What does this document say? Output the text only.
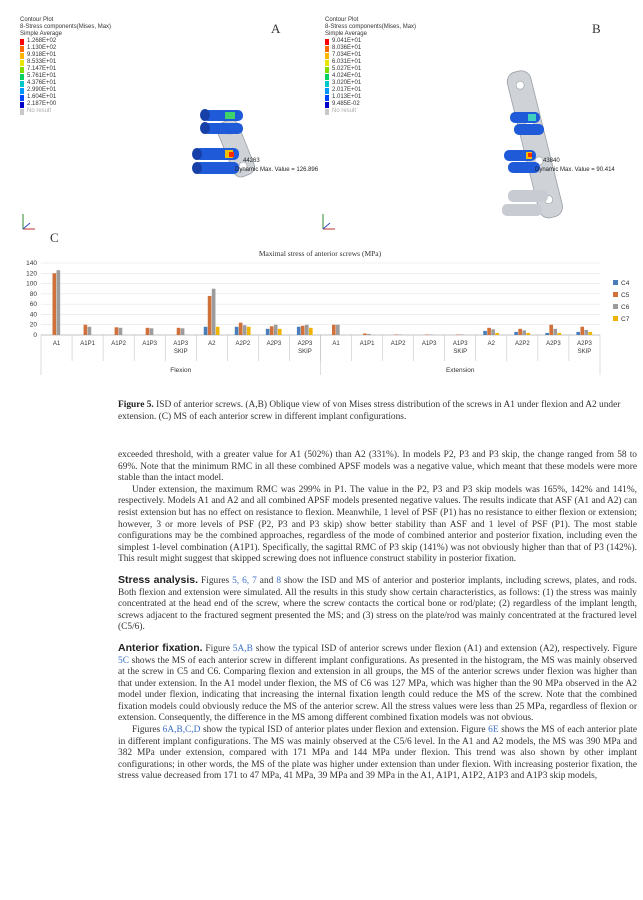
Contour Plot
8-Stress components(Mises, Max)
Simple Average
1.268E+02
1.130E+02
9.918E+01
8.533E+01
7.147E+01
5.761E+01
4.376E+01
2.990E+01
1.604E+01
2.187E+00
No result
A
44263
Dynamic Max. Value = 126.896
Contour Plot
8-Stress components(Mises, Max)
Simple Average
9.041E+01
8.036E+01
7.034E+01
6.031E+01
5.027E+01
4.024E+01
3.020E+01
2.017E+01
1.013E+01
9.485E-02
No result
B
43840
Dynamic Max. Value = 90.414
C
Maximal stress of anterior screws (MPa)
0
20
40
60
80
100
120
140
A1	A1P1	A1P2	A1P3	A1P3
SKIP
A2	A2P2	A2P3	A2P3
SKIP
A1	A1P1	A1P2	A1P3	A1P3
SKIP
A2	A2P2	A2P3	A2P3
SKIP
Flexion	Extension
C4
C5
C6
C7
Figure 5. ISD of anterior screws. (A,B) Oblique view of von Mises stress distribution of the screws in A1 under flexion and A2 under extension. (C) MS of each anterior screw in different implant configurations.

exceeded threshold, with a greater value for A1 (502%) than A2 (331%). In models P2, P3 and P3 skip, the change ranged from 58 to 69%. Note that the minimum RMC in all these combined APSF models was a negative value, which meant that these models were more stable than the intact model.

Under extension, the maximum RMC was 299% in P1. The value in the P2, P3 and P3 skip models was 165%, 142% and 141%, respectively. Models A1 and A2 and all combined APSF models presented negative values. The results indicate that ASF (A1 and A2) can resist extension but has no effect on resistance to flexion. Meanwhile, 1 level of PSF (P1) has no resistance to either flexion or extension; however, 3 or more levels of PSF (P2, P3 and P3 skip) show better stability than ASF and 1 level of PSF (P1). The most stable configurations may be the combined approaches, regardless of the mode of combined anterior and posterior fixation, including even the simplest 1-level combination (A1P1). Specifically, the sagittal RMC of P3 skip (141%) was not obviously higher than that of P3 (142%). This result might suggest that skipped screwing does not influence construct stability in posterior fixation.

Stress analysis. Figures 5, 6, 7 and 8 show the ISD and MS of anterior and posterior implants, including screws, plates, and rods. Both flexion and extension were simulated. All the results in this study show certain characteristics, as follows: (1) the stress was mainly concentrated at the head end of the screw, where the screw contacts the cortical bone or rod/plate; (2) regardless of the implant length, screws adjacent to the fractured segment presented the MS; and (3) stress on the plate/rod was mainly concentrated at the fractured level (C5/6).

Anterior fixation. Figure 5A,B show the typical ISD of anterior screws under flexion (A1) and extension (A2), respectively. Figure 5C shows the MS of each anterior screw in different implant configurations. As presented in the histogram, the MS was mainly observed at the screw in C5 and C6. Comparing flexion and extension in all groups, the MS of the anterior screws under flexion was higher than that under extension. In the A1 model under flexion, the MS of C6 was 127 MPa, which was higher than the 90 MPa observed in the A2 model under flexion, indicating that increasing the internal fixation length could reduce the MS of the screw. Note that the combined fixation models could obviously reduce the MS of the anterior screw. All the stress values were less than 25 MPa, regardless of flexion or extension. Consequently, the difference in the MS among different combined fixation models was not obvious.

Figures 6A,B,C,D show the typical ISD of anterior plates under flexion and extension. Figure 6E shows the MS of each anterior plate in different implant configurations. The MS was mainly observed at the C5/6 level. In the A1 and A2 models, the MS was 390 MPa and 382 MPa under extension, compared with 171 MPa and 144 MPa under flexion. This trend was also shown by other implant configurations; in other words, the MS of the plate was higher under extension than under flexion. With increasing posterior fixation, the stress value decreased from 171 to 47 MPa, 41 MPa, 39 MPa and 39 MPa in the A1, A1P1, A1P2, A1P3 and A1P3 skip models,
